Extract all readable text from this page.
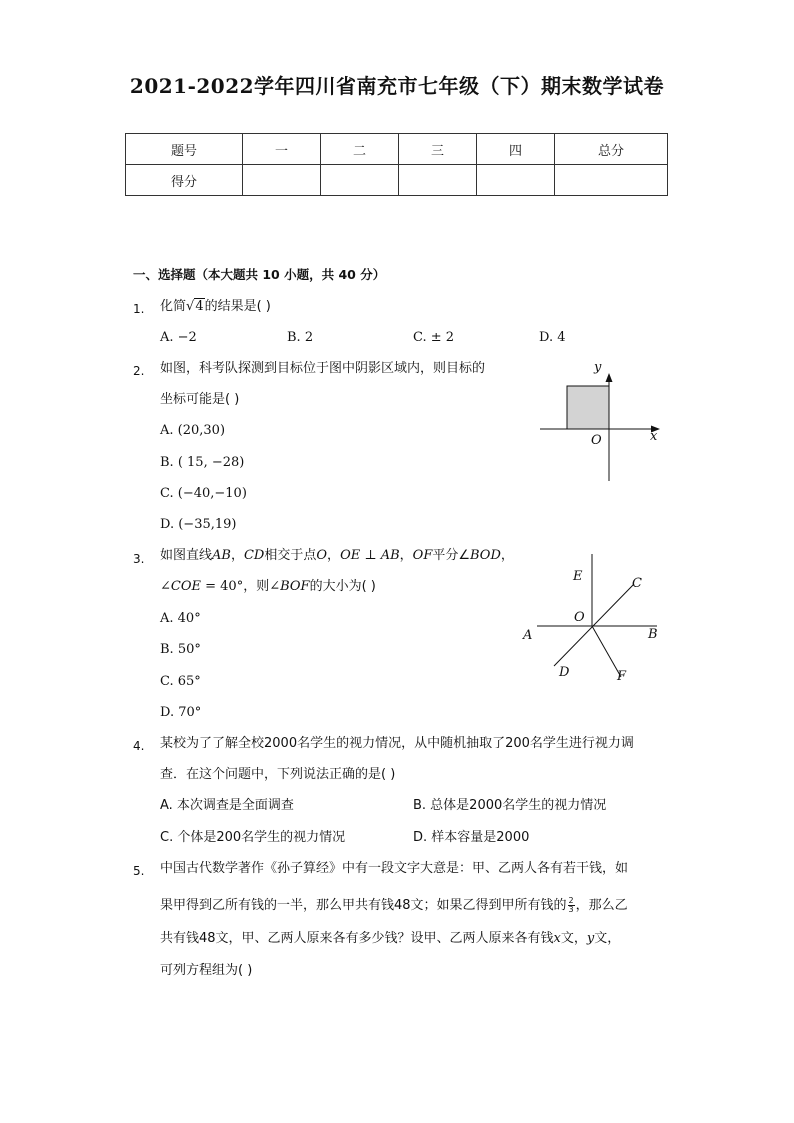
2021-2022学年四川省南充市七年级（下）期末数学试卷
题号	一	二	三	四	总分
得分					
一、选择题（本大题共 10 小题，共 40 分）
1. 化简√4的结果是( )
A. −2	B. 2	C. ± 2	D. 4
2. 如图，科考队探测到目标位于图中阴影区域内，则目标的
坐标可能是( )
A. (20,30)
B. ( 15, −28)
C. (−40,−10)
D. (−35,19)
y
x
O
3. 如图直线AB，CD相交于点O，OE ⊥ AB，OF平分∠BOD，
∠COE = 40°，则∠BOF的大小为( )
A. 40°
B. 50°
C. 65°
D. 70°
E	C
O
A	B
D	F
4. 某校为了了解全校2000名学生的视力情况，从中随机抽取了200名学生进行视力调
查．在这个问题中，下列说法正确的是( )
A. 本次调查是全面调查	B. 总体是2000名学生的视力情况
C. 个体是200名学生的视力情况	D. 样本容量是2000
5. 中国古代数学著作《孙子算经》中有一段文字大意是：甲、乙两人各有若干钱，如
果甲得到乙所有钱的一半，那么甲共有钱48文；如果乙得到甲所有钱的 $\frac{2}{3}$ ，那么乙
共有钱48文，甲、乙两人原来各有多少钱？设甲、乙两人原来各有钱x文，y文，
可列方程组为( )
